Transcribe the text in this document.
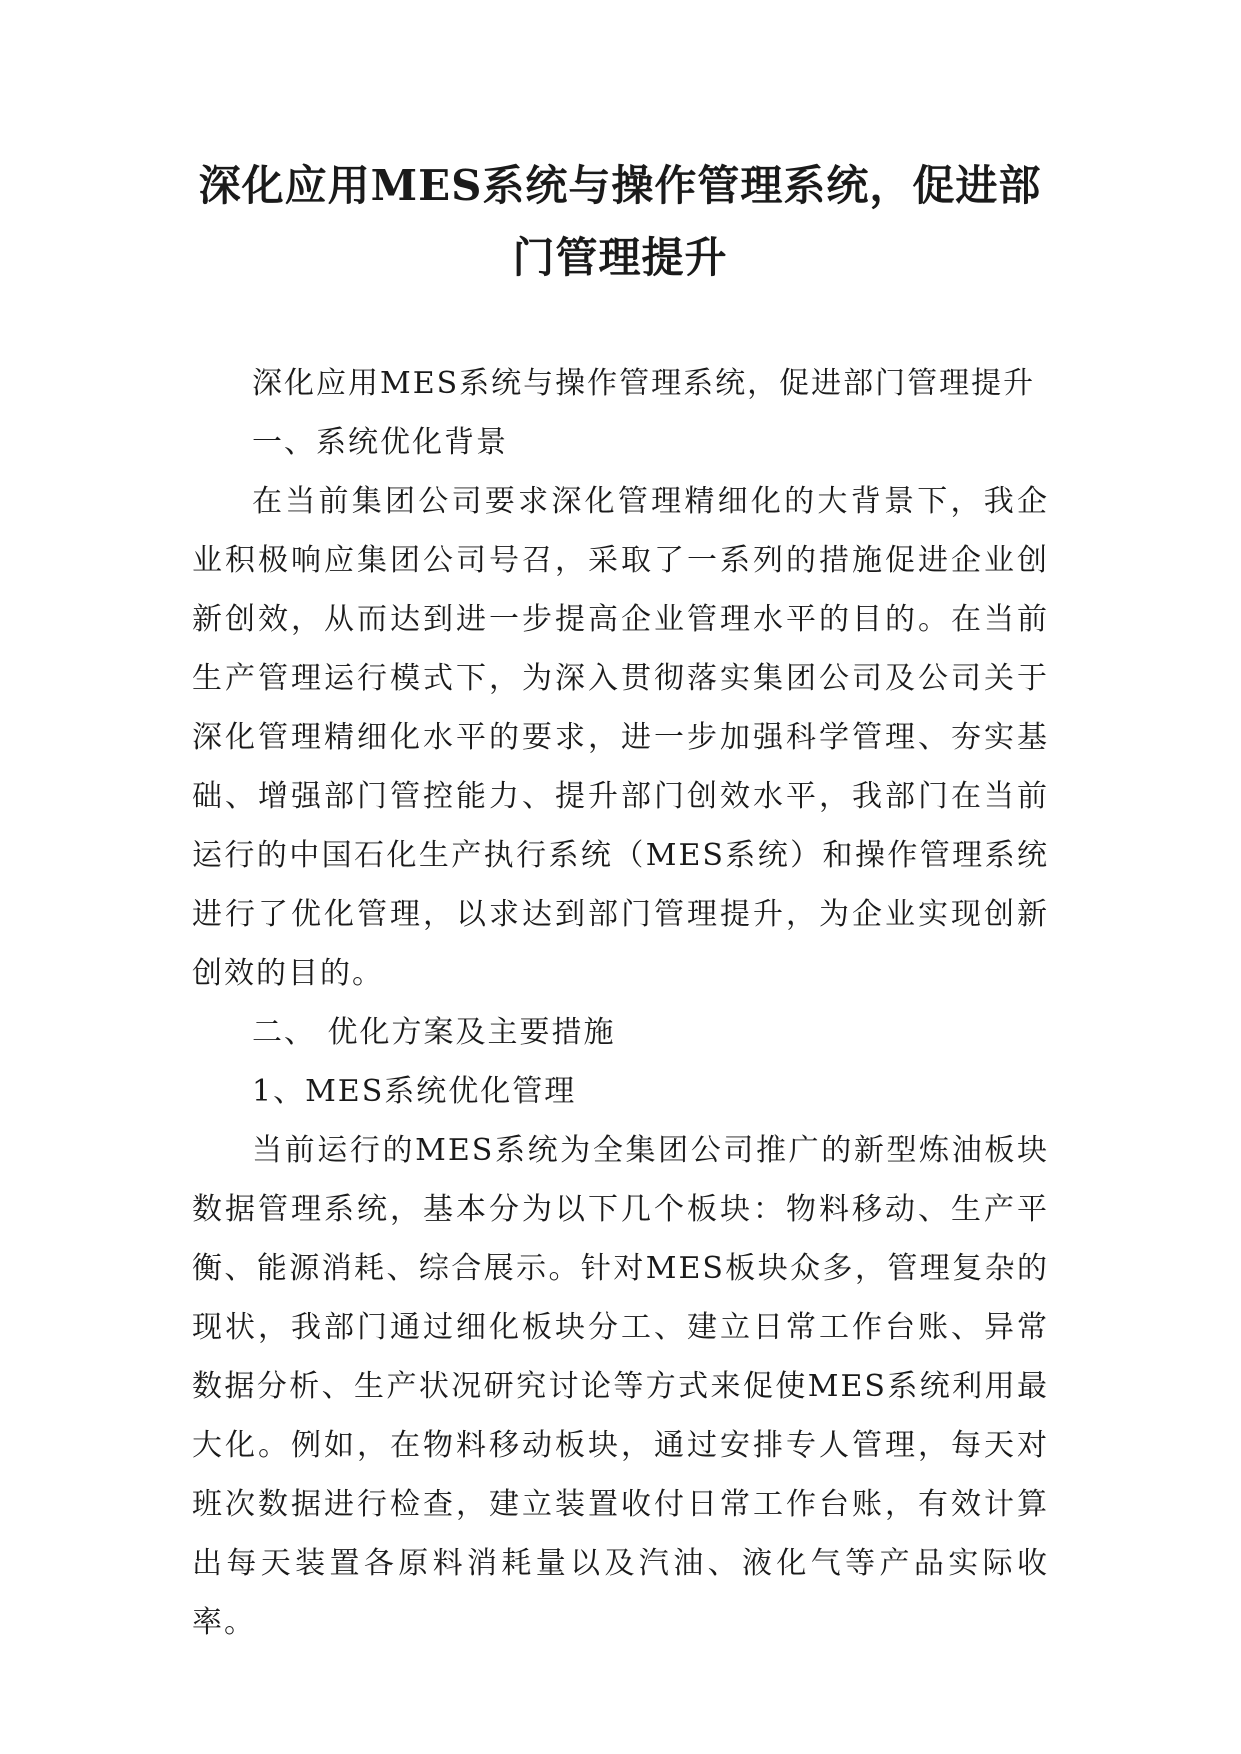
深化应用MES系统与操作管理系统，促进部门管理提升

深化应用MES系统与操作管理系统，促进部门管理提升

一、系统优化背景

在当前集团公司要求深化管理精细化的大背景下，我企业积极响应集团公司号召，采取了一系列的措施促进企业创新创效，从而达到进一步提高企业管理水平的目的。在当前生产管理运行模式下，为深入贯彻落实集团公司及公司关于深化管理精细化水平的要求，进一步加强科学管理、夯实基础、增强部门管控能力、提升部门创效水平，我部门在当前运行的中国石化生产执行系统（MES系统）和操作管理系统进行了优化管理，以求达到部门管理提升，为企业实现创新创效的目的。

二、 优化方案及主要措施

1、MES系统优化管理

当前运行的MES系统为全集团公司推广的新型炼油板块数据管理系统，基本分为以下几个板块：物料移动、生产平衡、能源消耗、综合展示。针对MES板块众多，管理复杂的现状，我部门通过细化板块分工、建立日常工作台账、异常数据分析、生产状况研究讨论等方式来促使MES系统利用最大化。例如，在物料移动板块，通过安排专人管理，每天对班次数据进行检查，建立装置收付日常工作台账，有效计算出每天装置各原料消耗量以及汽油、液化气等产品实际收率。
